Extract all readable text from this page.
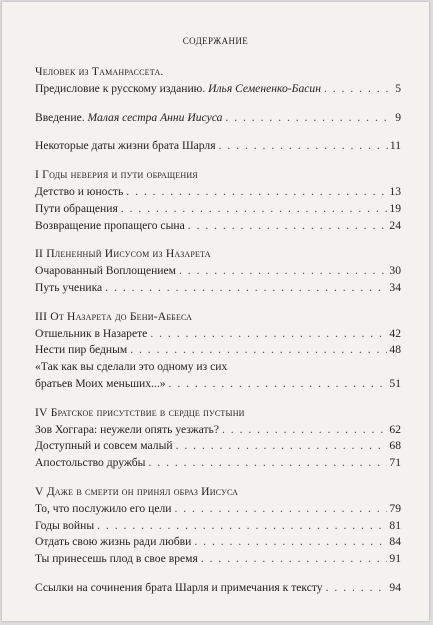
содержание
Человек из Таманрассета.
Предисловие к русскому изданию. Илья Семененко-Басин . . .	5
Введение. Малая сестра Анни Иисуса . . .	9
Некоторые даты жизни брата Шарля . . .	11
I Годы неверия и пути обращения
Детство и юность . . .	13
Пути обращения . . .	19
Возвращение пропащего сына . . .	24
II Плененный Иисусом из Назарета
Очарованный Воплощением . . .	30
Путь ученика . . .	34
III От Назарета до Бени-Аббеса
Отшельник в Назарете . . .	42
Нести пир бедным . . .	48
«Так как вы сделали это одному из сих
братьев Моих меньших...» . . .	51
IV Братское присутствие в сердце пустыни
Зов Хоггара: неужели опять уезжать? . . .	62
Доступный и совсем малый . . .	68
Апостольство дружбы . . .	71
V Даже в смерти он принял образ Иисуса
То, что послужило его цели . . .	79
Годы войны . . .	81
Отдать свою жизнь ради любви . . .	84
Ты принесешь плод в свое время . . .	91
Ссылки на сочинения брата Шарля и примечания к тексту . . .	94
